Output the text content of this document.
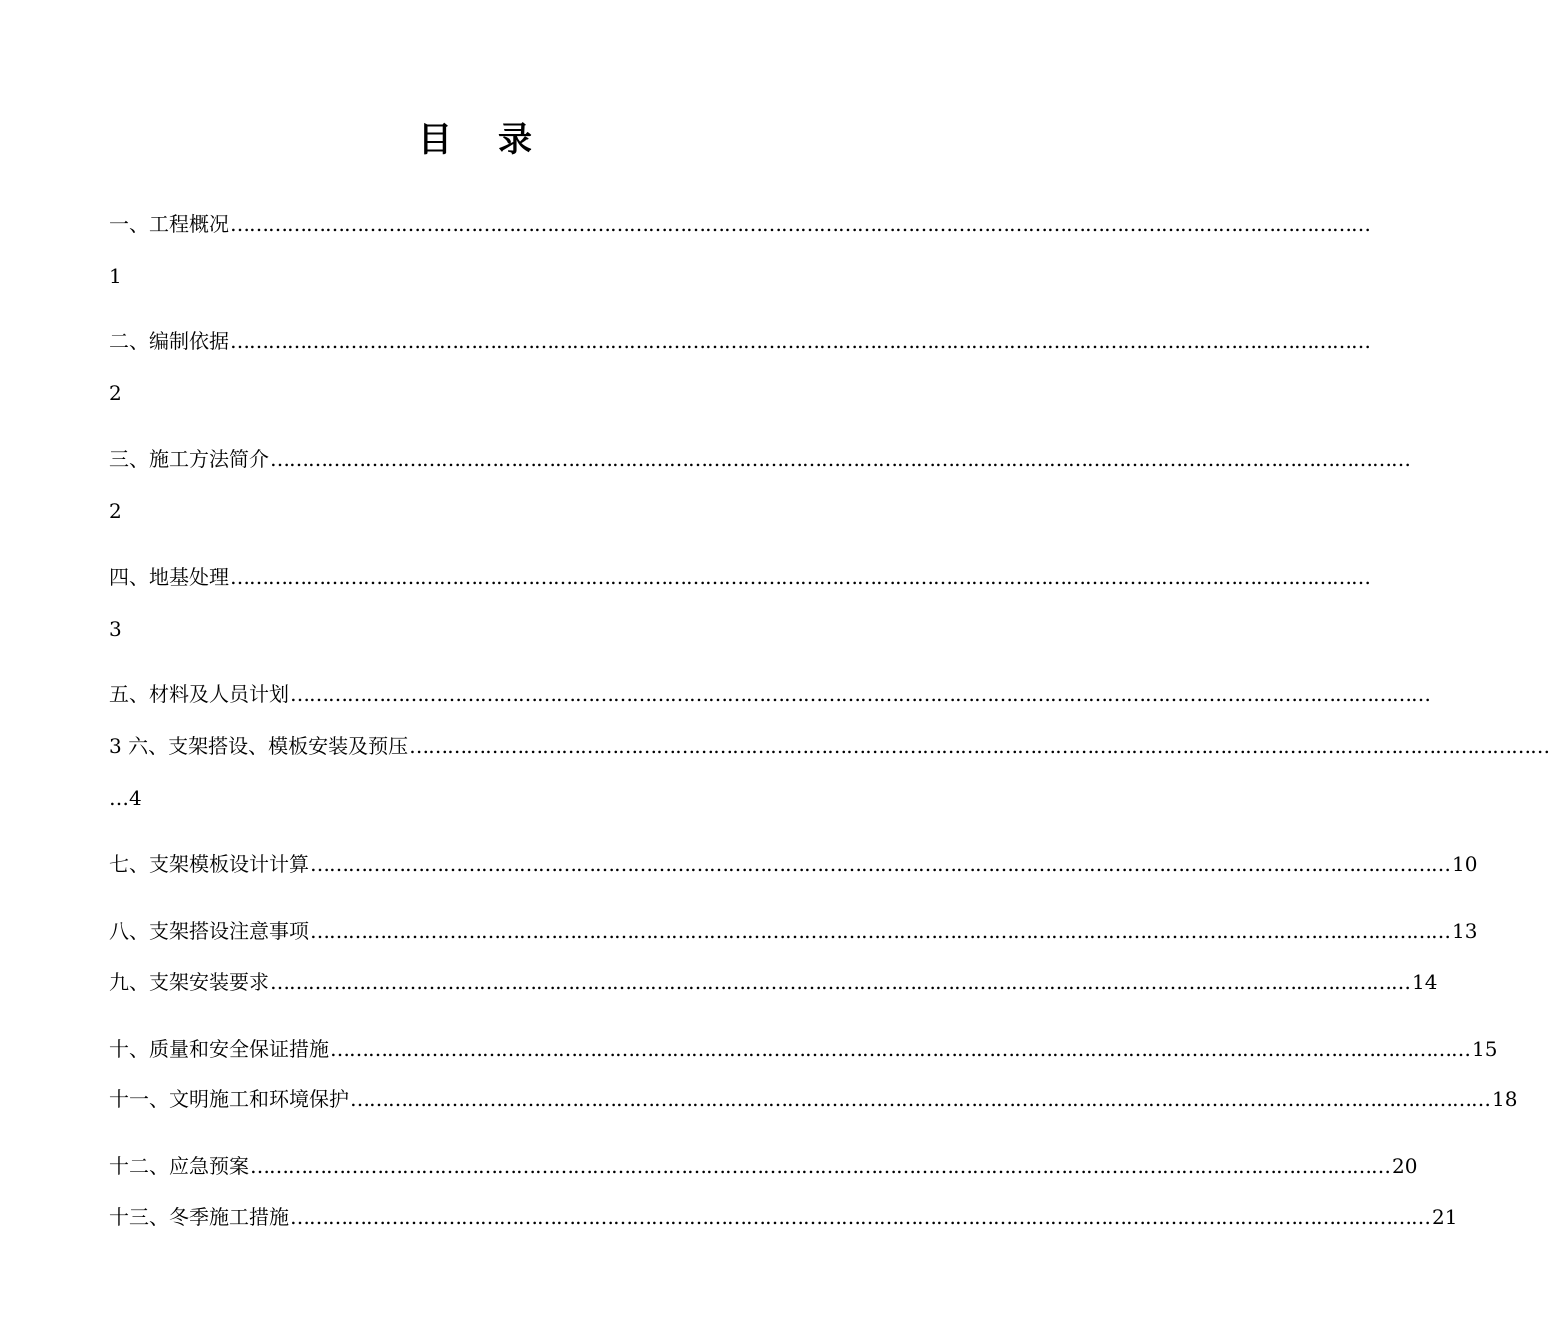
目 录
一、工程概况 ………………………………………………………………………………………………………………………………………………………………
1
二、编制依据 ………………………………………………………………………………………………………………………………………………………………
2
三、施工方法简介 ………………………………………………………………………………………………………………………………………………………………
2
四、地基处理 ………………………………………………………………………………………………………………………………………………………………
3
五、材料及人员计划 ………………………………………………………………………………………………………………………………………………………………
3 六、支架搭设、模板安装及预压 ………………………………………………………………………………………………………………………………………………………………
…4
七、支架模板设计计算 ……………………………………………………………………………………………………………………………………………………………… 10
八、支架搭设注意事项 ……………………………………………………………………………………………………………………………………………………………… 13
九、支架安装要求 ……………………………………………………………………………………………………………………………………………………………… 14
十、质量和安全保证措施 ……………………………………………………………………………………………………………………………………………………………… 15
十一、文明施工和环境保护 ……………………………………………………………………………………………………………………………………………………………… 18
十二、应急预案 ……………………………………………………………………………………………………………………………………………………………… 20
十三、冬季施工措施 ……………………………………………………………………………………………………………………………………………………………… 21
